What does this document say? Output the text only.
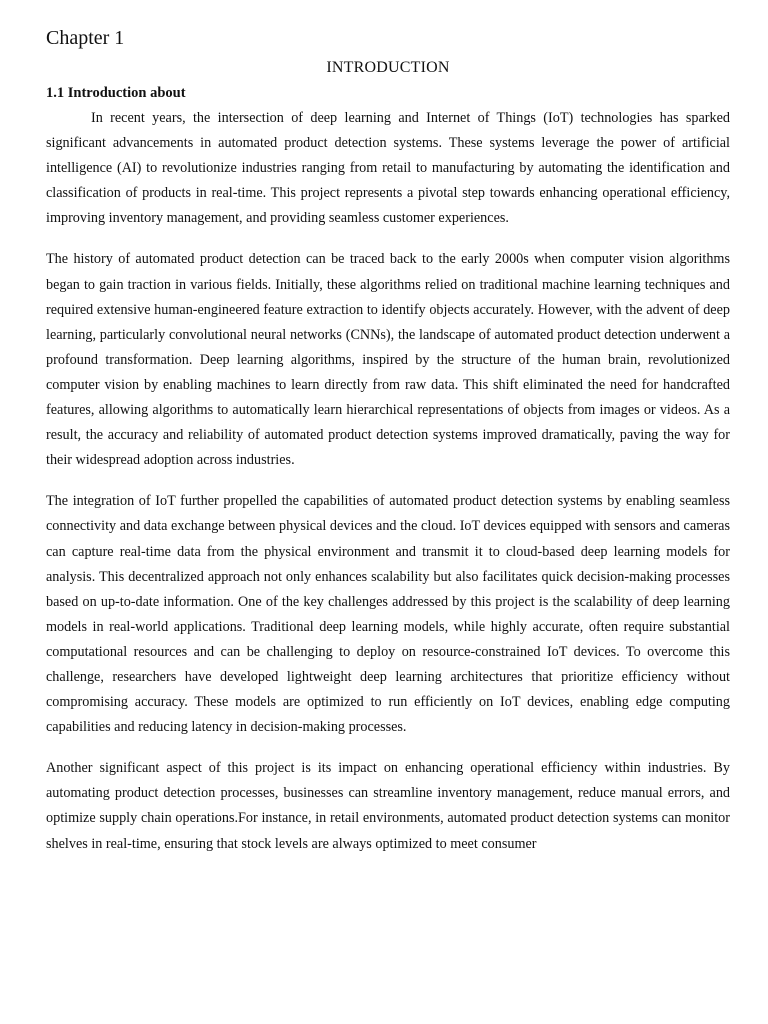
Chapter 1
INTRODUCTION
1.1 Introduction about

In recent years, the intersection of deep learning and Internet of Things (IoT) technologies has sparked significant advancements in automated product detection systems. These systems leverage the power of artificial intelligence (AI) to revolutionize industries ranging from retail to manufacturing by automating the identification and classification of products in real-time. This project represents a pivotal step towards enhancing operational efficiency, improving inventory management, and providing seamless customer experiences.

The history of automated product detection can be traced back to the early 2000s when computer vision algorithms began to gain traction in various fields. Initially, these algorithms relied on traditional machine learning techniques and required extensive human-engineered feature extraction to identify objects accurately. However, with the advent of deep learning, particularly convolutional neural networks (CNNs), the landscape of automated product detection underwent a profound transformation. Deep learning algorithms, inspired by the structure of the human brain, revolutionized computer vision by enabling machines to learn directly from raw data. This shift eliminated the need for handcrafted features, allowing algorithms to automatically learn hierarchical representations of objects from images or videos. As a result, the accuracy and reliability of automated product detection systems improved dramatically, paving the way for their widespread adoption across industries.

The integration of IoT further propelled the capabilities of automated product detection systems by enabling seamless connectivity and data exchange between physical devices and the cloud. IoT devices equipped with sensors and cameras can capture real-time data from the physical environment and transmit it to cloud-based deep learning models for analysis. This decentralized approach not only enhances scalability but also facilitates quick decision-making processes based on up-to-date information. One of the key challenges addressed by this project is the scalability of deep learning models in real-world applications. Traditional deep learning models, while highly accurate, often require substantial computational resources and can be challenging to deploy on resource-constrained IoT devices. To overcome this challenge, researchers have developed lightweight deep learning architectures that prioritize efficiency without compromising accuracy. These models are optimized to run efficiently on IoT devices, enabling edge computing capabilities and reducing latency in decision-making processes.

Another significant aspect of this project is its impact on enhancing operational efficiency within industries. By automating product detection processes, businesses can streamline inventory management, reduce manual errors, and optimize supply chain operations.For instance, in retail environments, automated product detection systems can monitor shelves in real-time, ensuring that stock levels are always optimized to meet consumer
